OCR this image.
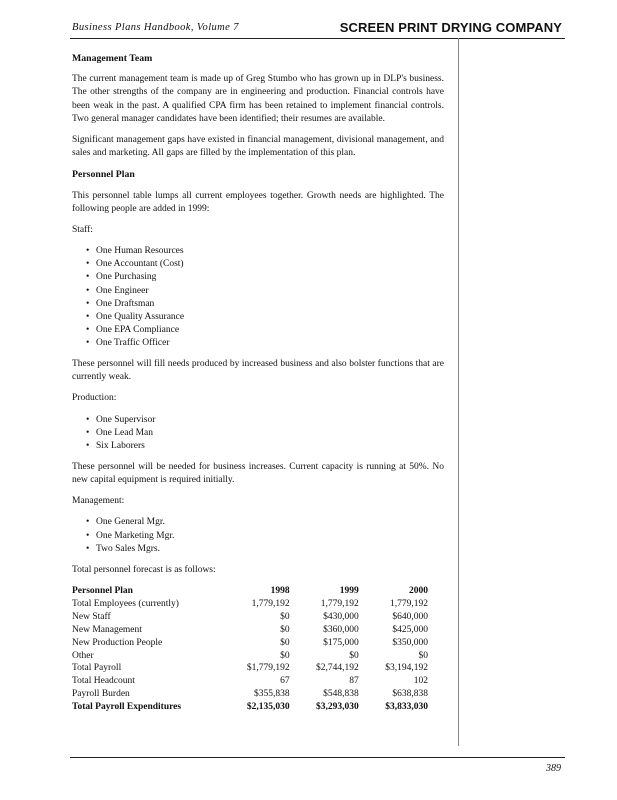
Business Plans Handbook, Volume 7	SCREEN PRINT DRYING COMPANY
Management Team

The current management team is made up of Greg Stumbo who has grown up in DLP's business. The other strengths of the company are in engineering and production. Financial controls have been weak in the past. A qualified CPA firm has been retained to implement financial controls. Two general manager candidates have been identified; their resumes are available.

Significant management gaps have existed in financial management, divisional management, and sales and marketing. All gaps are filled by the implementation of this plan.

Personnel Plan

This personnel table lumps all current employees together. Growth needs are highlighted. The following people are added in 1999:

Staff:

• One Human Resources
• One Accountant (Cost)
• One Purchasing
• One Engineer
• One Draftsman
• One Quality Assurance
• One EPA Compliance
• One Traffic Officer

These personnel will fill needs produced by increased business and also bolster functions that are currently weak.

Production:

• One Supervisor
• One Lead Man
• Six Laborers

These personnel will be needed for business increases. Current capacity is running at 50%. No new capital equipment is required initially.

Management:

• One General Mgr.
• One Marketing Mgr.
• Two Sales Mgrs.

Total personnel forecast is as follows:

Personnel Plan	1998	1999	2000
Total Employees (currently)	1,779,192	1,779,192	1,779,192
New Staff	$0	$430,000	$640,000
New Management	$0	$360,000	$425,000
New Production People	$0	$175,000	$350,000
Other	$0	$0	$0
Total Payroll	$1,779,192	$2,744,192	$3,194,192
Total Headcount	67	87	102
Payroll Burden	$355,838	$548,838	$638,838
Total Payroll Expenditures	$2,135,030	$3,293,030	$3,833,030
389
